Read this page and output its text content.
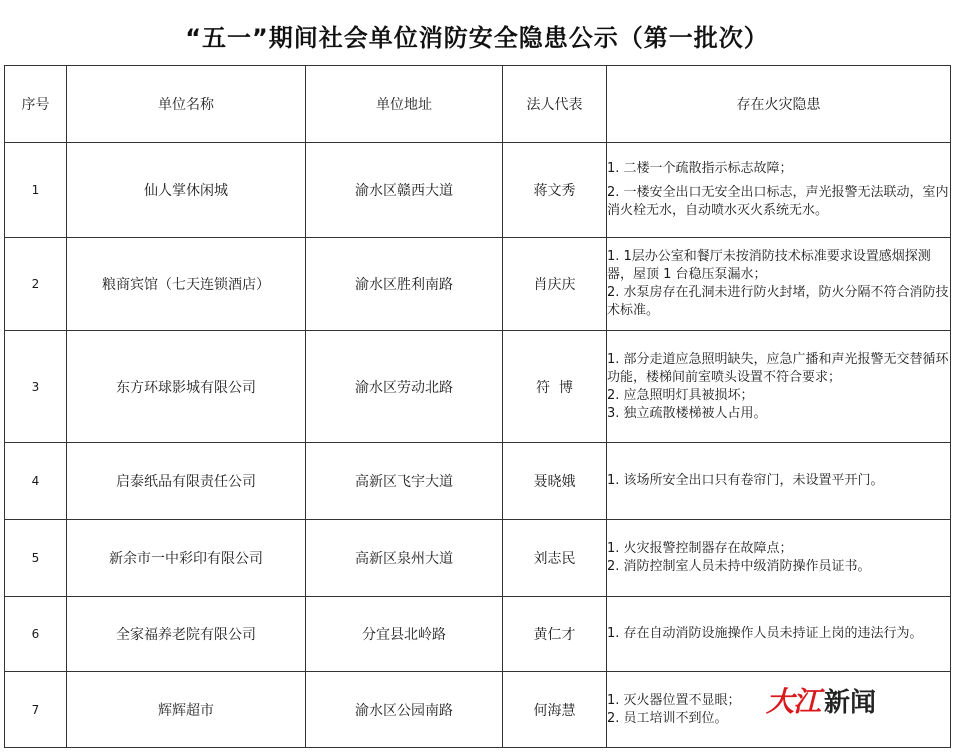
“五一”期间社会单位消防安全隐患公示（第一批次）
序号	单位名称	单位地址	法人代表	存在火灾隐患
1	仙人掌休闲城	渝水区赣西大道	蒋文秀	1. 二楼一个疏散指示标志故障；
2. 一楼安全出口无安全出口标志，声光报警无法联动，室内消火栓无水，自动喷水灭火系统无水。

2	粮商宾馆（七天连锁酒店）	渝水区胜利南路	肖庆庆	1. 1层办公室和餐厅未按消防技术标准要求设置感烟探测器，屋顶 1 台稳压泵漏水；
2. 水泵房存在孔洞未进行防火封堵，防火分隔不符合消防技术标准。

3	东方环球影城有限公司	渝水区劳动北路	符  博	1. 部分走道应急照明缺失，应急广播和声光报警无交替循环功能，楼梯间前室喷头设置不符合要求；
2. 应急照明灯具被损坏；
3. 独立疏散楼梯被人占用。

4	启泰纸品有限责任公司	高新区飞宇大道	聂晓娥	1. 该场所安全出口只有卷帘门，未设置平开门。

5	新余市一中彩印有限公司	高新区泉州大道	刘志民	1. 火灾报警控制器存在故障点；
2. 消防控制室人员未持中级消防操作员证书。

6	全家福养老院有限公司	分宜县北岭路	黄仁才	1. 存在自动消防设施操作人员未持证上岗的违法行为。

7	辉辉超市	渝水区公园南路	何海慧	1. 灭火器位置不显眼；
2. 员工培训不到位。	大江 新闻
